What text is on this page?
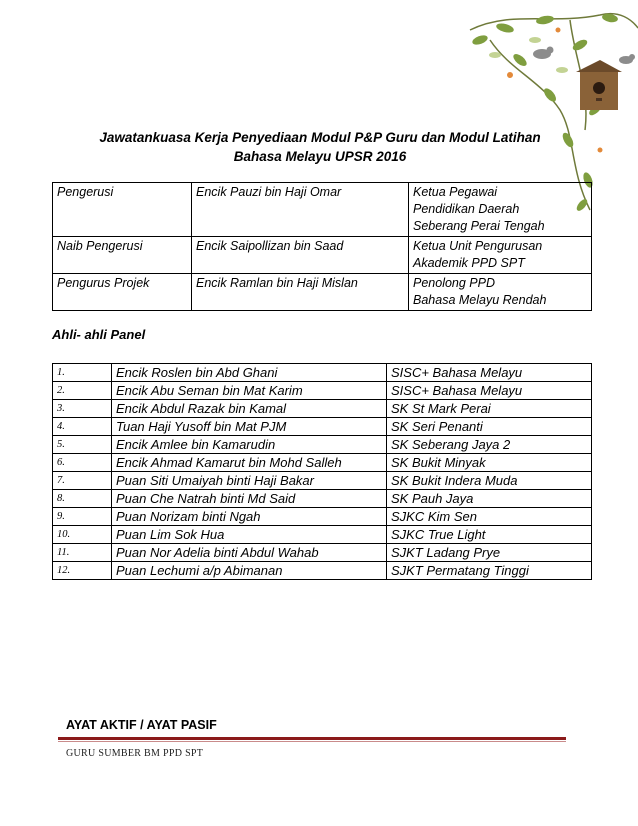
Jawatankuasa Kerja Penyediaan Modul P&P Guru dan Modul Latihan
Bahasa Melayu UPSR 2016
Pengerusi	Encik Pauzi bin Haji Omar	Ketua Pegawai
Pendidikan Daerah
Seberang Perai Tengah

Naib Pengerusi	Encik Saipollizan bin Saad	Ketua Unit Pengurusan
Akademik PPD SPT

Pengurus Projek	Encik Ramlan bin Haji Mislan	Penolong PPD
Bahasa Melayu Rendah
Ahli- ahli Panel
1.	Encik Roslen bin Abd Ghani	SISC+ Bahasa Melayu
2.	Encik Abu Seman bin Mat Karim	SISC+ Bahasa Melayu
3.	Encik Abdul Razak bin Kamal	SK St Mark Perai
4.	Tuan Haji Yusoff bin Mat PJM	SK Seri Penanti
5.	Encik Amlee bin Kamarudin	SK Seberang Jaya 2
6.	Encik Ahmad Kamarut bin Mohd Salleh	SK Bukit Minyak
7.	Puan Siti Umaiyah binti Haji Bakar	SK Bukit Indera Muda
8.	Puan Che Natrah binti Md Said	SK Pauh Jaya
9.	Puan Norizam binti Ngah	SJKC Kim Sen
10.	Puan Lim Sok Hua	SJKC True Light
11.	Puan Nor Adelia binti Abdul Wahab	SJKT Ladang Prye
12.	Puan Lechumi a/p Abimanan	SJKT Permatang Tinggi
AYAT AKTIF / AYAT PASIF
GURU SUMBER BM PPD SPT
